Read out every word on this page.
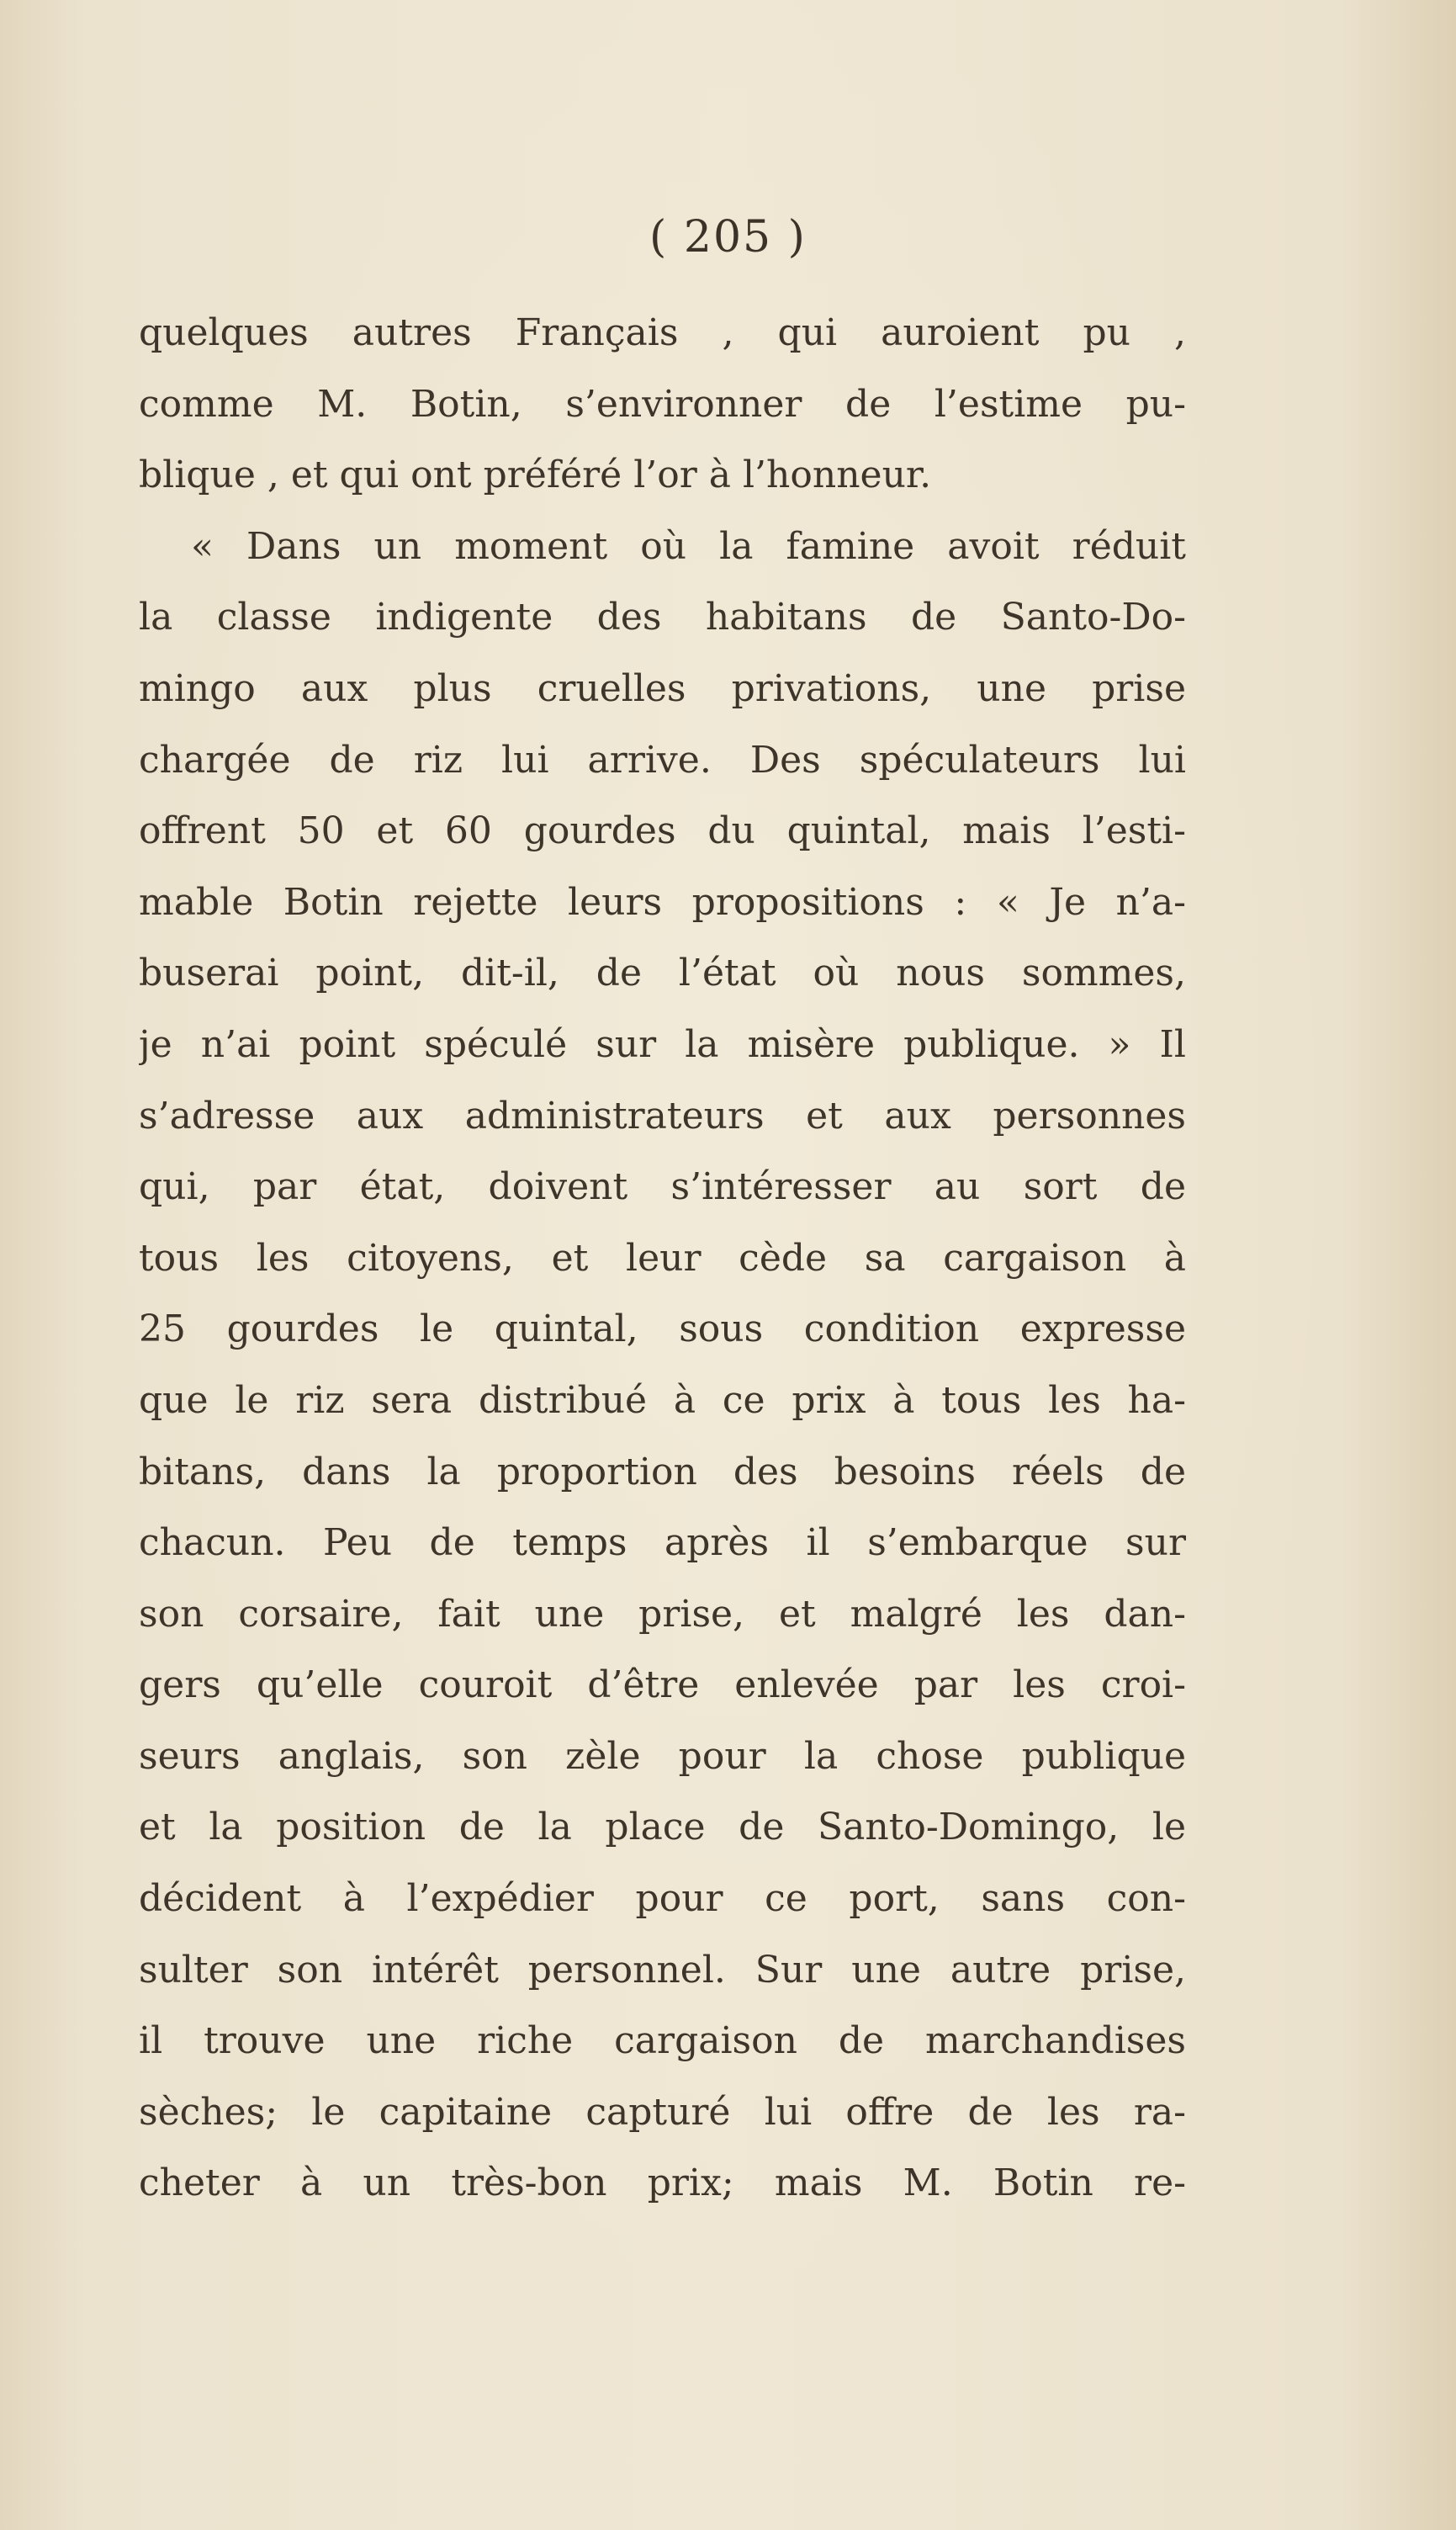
( 205 )
quelques autres Français , qui auroient pu ,
comme M. Botin, s’environner de l’estime pu-
blique , et qui ont préféré l’or à l’honneur.
« Dans un moment où la famine avoit réduit
la classe indigente des habitans de Santo-Do-
mingo aux plus cruelles privations, une prise
chargée de riz lui arrive. Des spéculateurs lui
offrent 50 et 60 gourdes du quintal, mais l’esti-
mable Botin rejette leurs propositions : « Je n’a-
buserai point, dit-il, de l’état où nous sommes,
je n’ai point spéculé sur la misère publique. » Il
s’adresse aux administrateurs et aux personnes
qui, par état, doivent s’intéresser au sort de
tous les citoyens, et leur cède sa cargaison à
25 gourdes le quintal, sous condition expresse
que le riz sera distribué à ce prix à tous les ha-
bitans, dans la proportion des besoins réels de
chacun. Peu de temps après il s’embarque sur
son corsaire, fait une prise, et malgré les dan-
gers qu’elle couroit d’être enlevée par les croi-
seurs anglais, son zèle pour la chose publique
et la position de la place de Santo-Domingo, le
décident à l’expédier pour ce port, sans con-
sulter son intérêt personnel. Sur une autre prise,
il trouve une riche cargaison de marchandises
sèches; le capitaine capturé lui offre de les ra-
cheter à un très-bon prix; mais M. Botin re-
